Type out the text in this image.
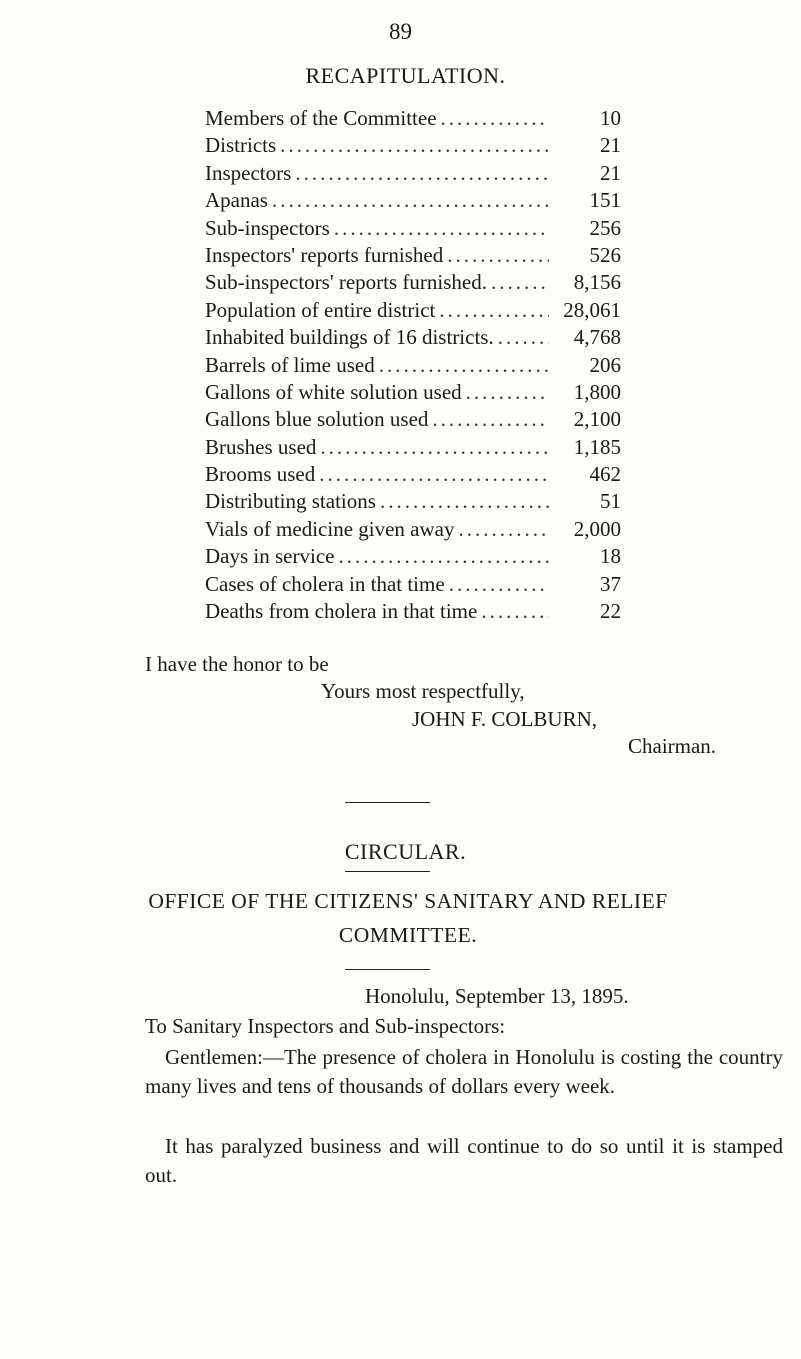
89
RECAPITULATION.
Members of the Committee .....	10
Districts .....	21
Inspectors .....	21
Apanas .....	151
Sub-inspectors .....	256
Inspectors' reports furnished .....	526
Sub-inspectors' reports furnished. .....	8,156
Population of entire district .....	28,061
Inhabited buildings of 16 districts. .....	4,768
Barrels of lime used .....	206
Gallons of white solution used .....	1,800
Gallons blue solution used .....	2,100
Brushes used .....	1,185
Brooms used .....	462
Distributing stations .....	51
Vials of medicine given away .....	2,000
Days in service .....	18
Cases of cholera in that time .....	37
Deaths from cholera in that time .....	22
I have the honor to be
Yours most respectfully,
JOHN F. COLBURN,
Chairman.
CIRCULAR.
OFFICE OF THE CITIZENS' SANITARY AND RELIEF
COMMITTEE.
Honolulu, September 13, 1895.
To Sanitary Inspectors and Sub-inspectors:
Gentlemen:—The presence of cholera in Honolulu is costing the country many lives and tens of thousands of dollars every week.
It has paralyzed business and will continue to do so until it is stamped out.
